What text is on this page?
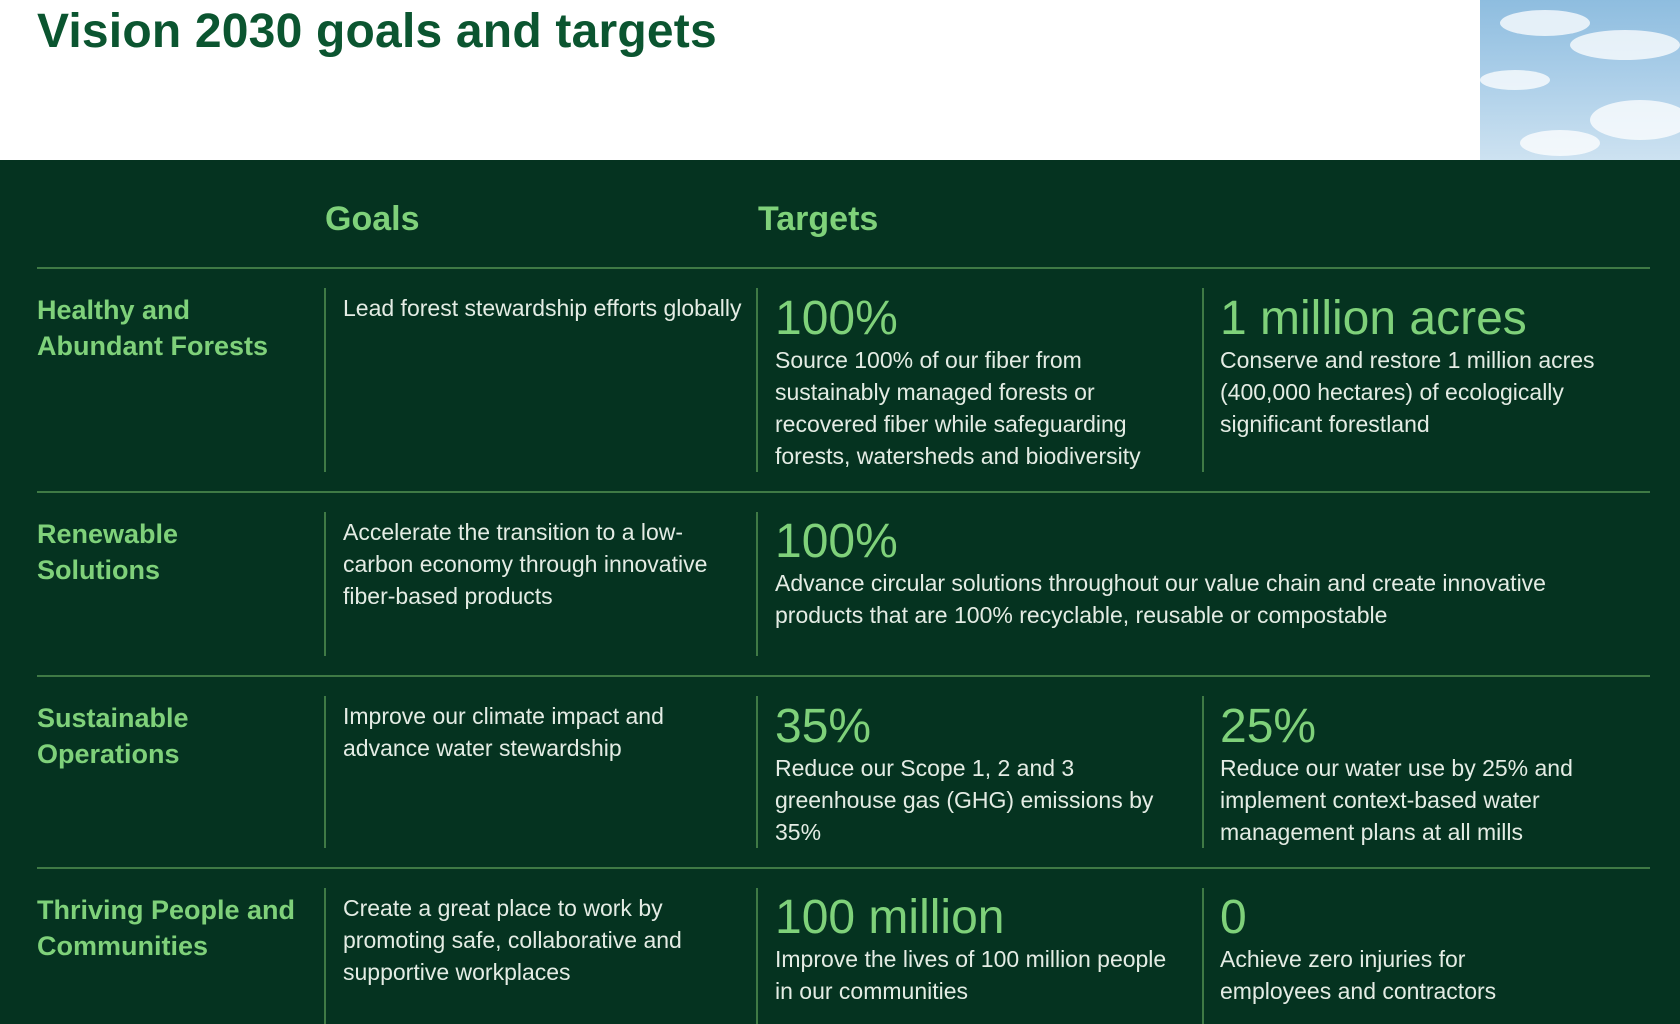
Vision 2030 goals and targets
Goals	Targets

Healthy and Abundant Forests

Lead forest stewardship efforts globally 100%

Source 100% of our fiber from sustainably managed forests or recovered fiber while safeguarding forests, watersheds and biodiversity

1 million acres

Conserve and restore 1 million acres (400,000 hectares) of ecologically significant forestland

Renewable Solutions

Accelerate the transition to a low-carbon economy through innovative fiber-based products

100%

Advance circular solutions throughout our value chain and create innovative products that are 100% recyclable, reusable or compostable

Sustainable Operations

Improve our climate impact and advance water stewardship	35%

Reduce our Scope 1, 2 and 3 greenhouse gas (GHG) emissions by 35%

25%

Reduce our water use by 25% and implement context-based water management plans at all mills

Thriving People and Communities

Create a great place to work by promoting safe, collaborative and supportive workplaces

100 million

Improve the lives of 100 million people in our communities

0

Achieve zero injuries for employees and contractors
